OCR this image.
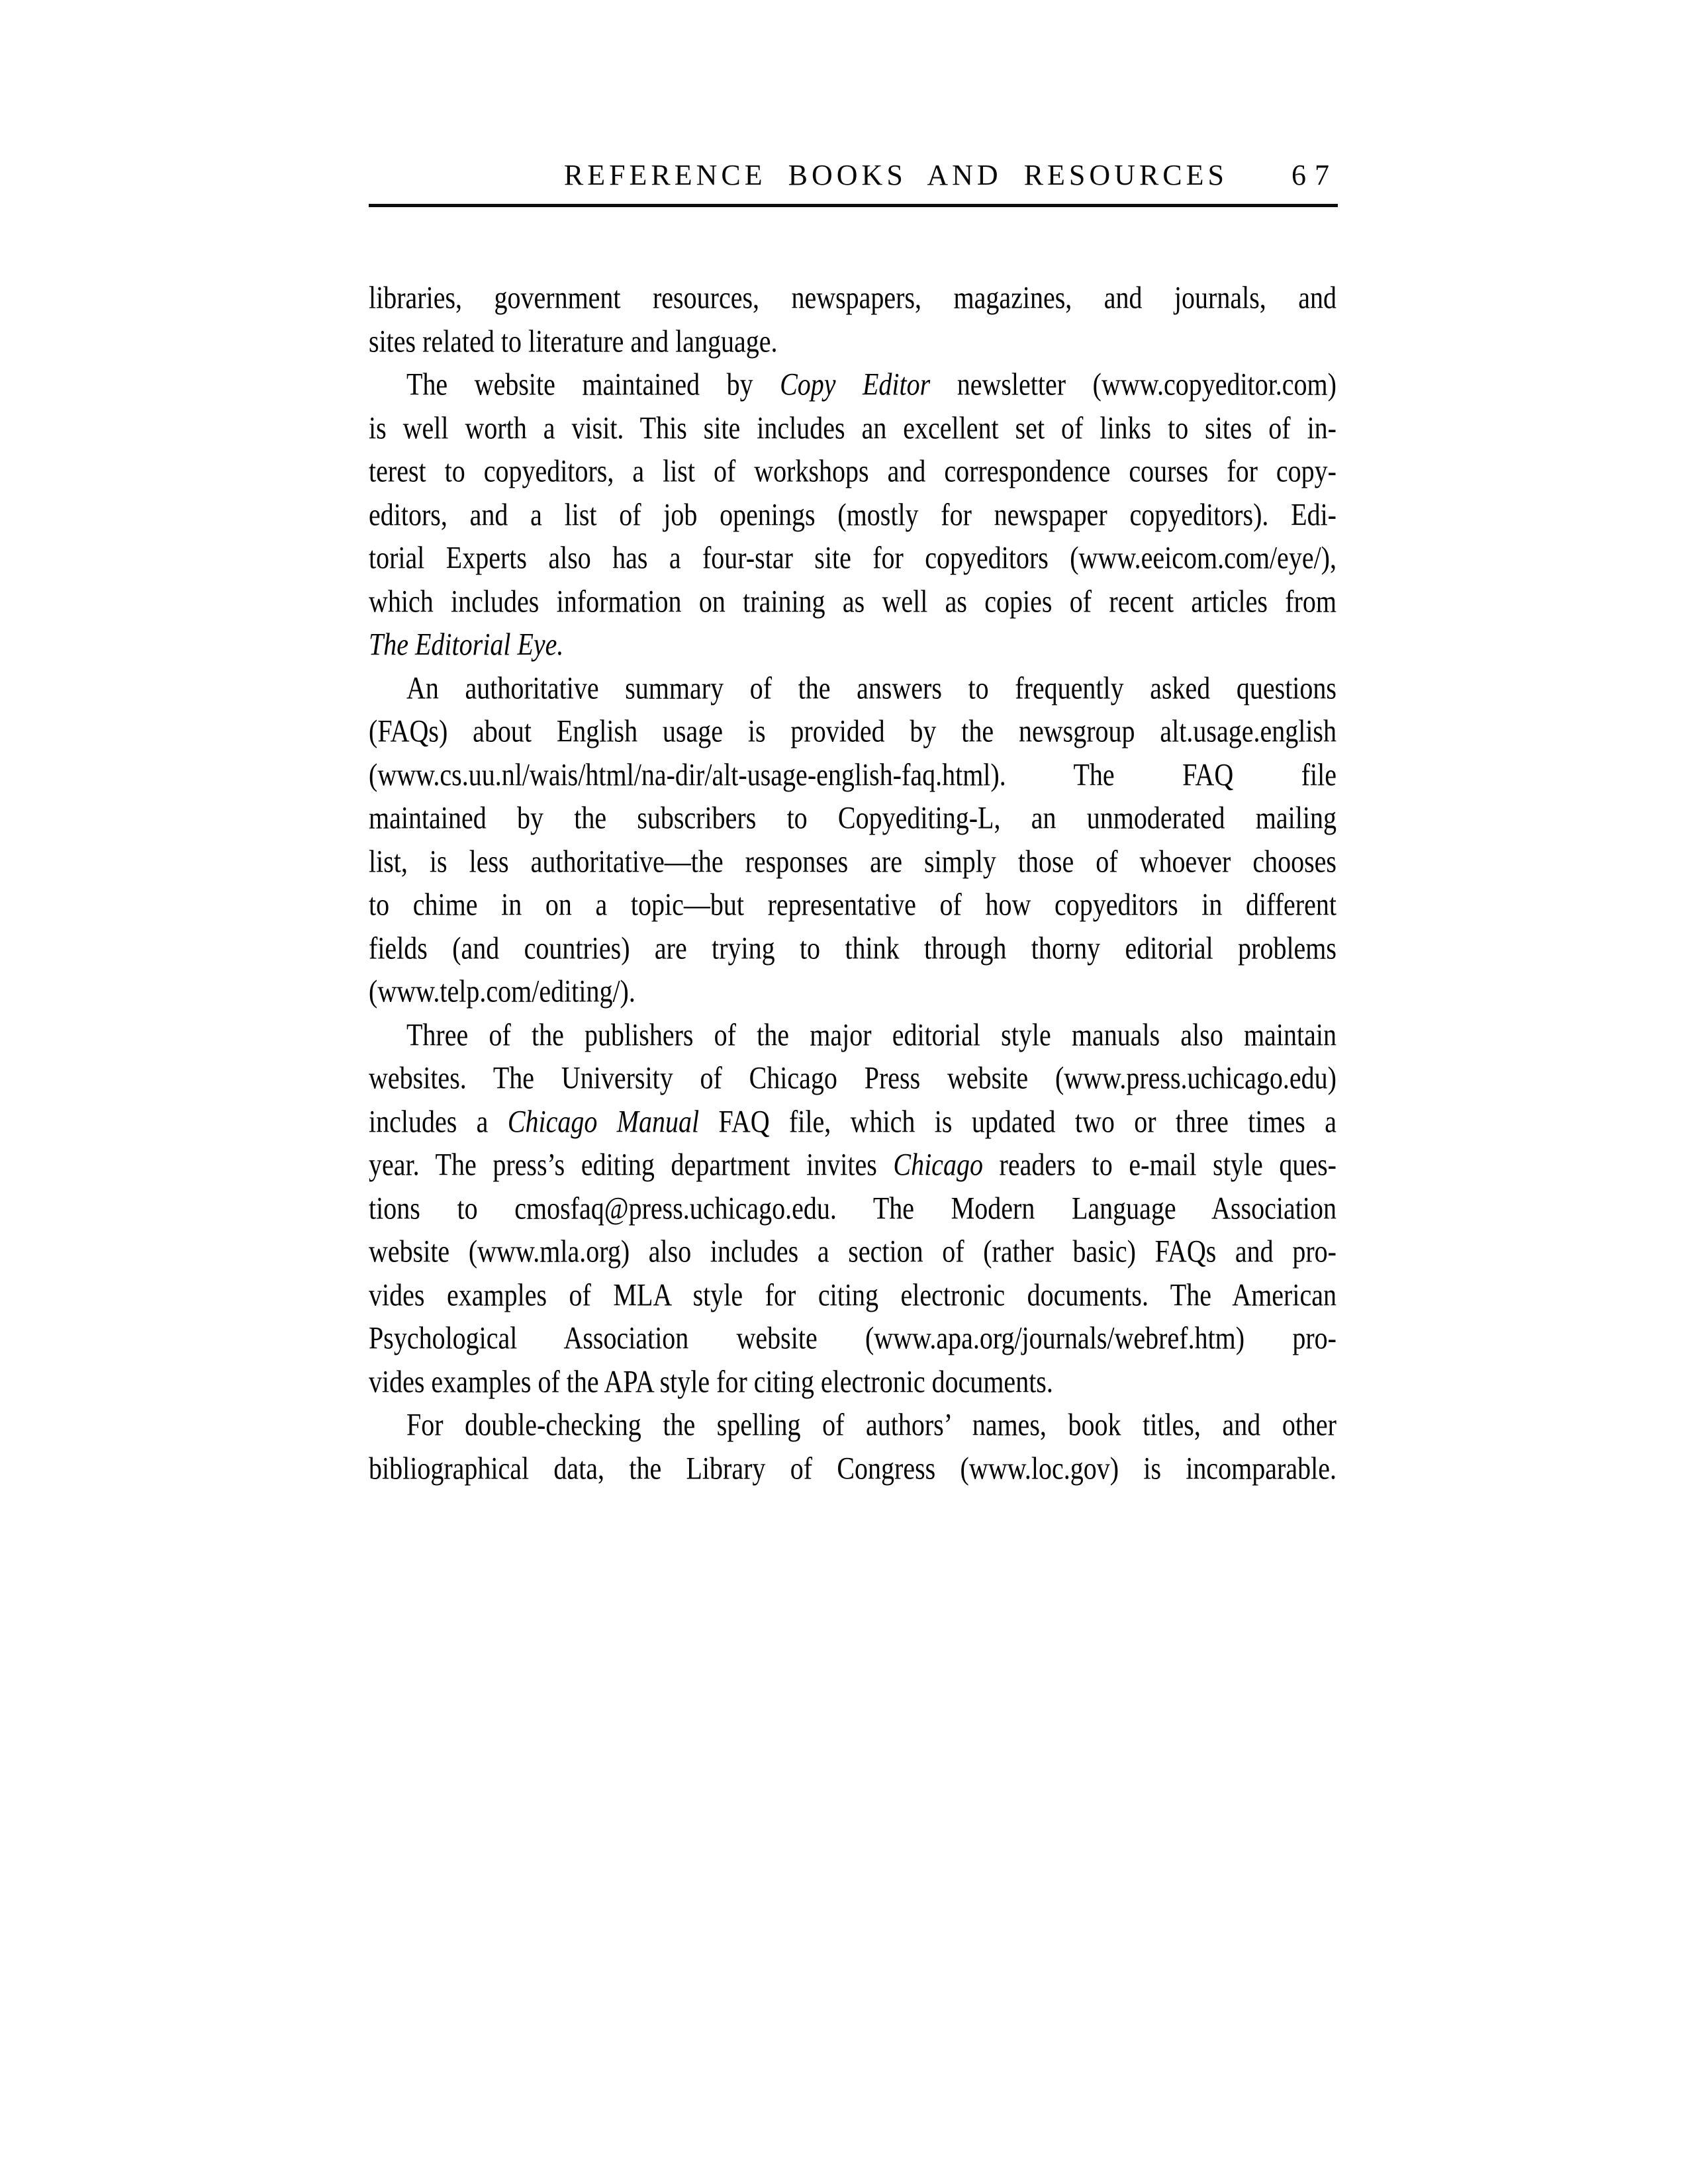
REFERENCE BOOKS AND RESOURCES 67
libraries, government resources, newspapers, magazines, and journals, and
sites related to literature and language.
The website maintained by Copy Editor newsletter (www.copyeditor.com)
is well worth a visit. This site includes an excellent set of links to sites of in-
terest to copyeditors, a list of workshops and correspondence courses for copy-
editors, and a list of job openings (mostly for newspaper copyeditors). Edi-
torial Experts also has a four-star site for copyeditors (www.eeicom.com/eye/),
which includes information on training as well as copies of recent articles from
The Editorial Eye.
An authoritative summary of the answers to frequently asked questions
(FAQs) about English usage is provided by the newsgroup alt.usage.english
(www.cs.uu.nl/wais/html/na-dir/alt-usage-english-faq.html). The FAQ file
maintained by the subscribers to Copyediting-L, an unmoderated mailing
list, is less authoritative—the responses are simply those of whoever chooses
to chime in on a topic—but representative of how copyeditors in different
fields (and countries) are trying to think through thorny editorial problems
(www.telp.com/editing/).
Three of the publishers of the major editorial style manuals also maintain
websites. The University of Chicago Press website (www.press.uchicago.edu)
includes a Chicago Manual FAQ file, which is updated two or three times a
year. The press’s editing department invites Chicago readers to e-mail style ques-
tions to cmosfaq@press.uchicago.edu. The Modern Language Association
website (www.mla.org) also includes a section of (rather basic) FAQs and pro-
vides examples of MLA style for citing electronic documents. The American
Psychological Association website (www.apa.org/journals/webref.htm) pro-
vides examples of the APA style for citing electronic documents.
For double-checking the spelling of authors’ names, book titles, and other
bibliographical data, the Library of Congress (www.loc.gov) is incomparable.
